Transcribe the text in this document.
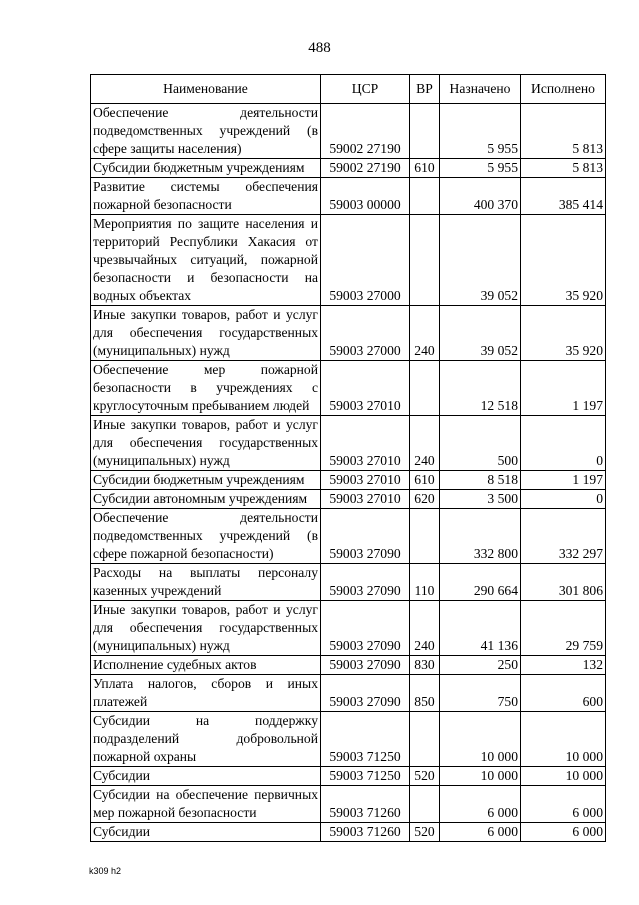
488
Наименование	ЦСР	ВР	Назначено	Исполнено
Обеспечение деятельности подведомственных учреждений (в сфере защиты населения)	59002 27190		5 955	5 813
Субсидии бюджетным учреждениям	59002 27190	610	5 955	5 813
Развитие системы обеспечения пожарной безопасности	59003 00000		400 370	385 414
Мероприятия по защите населения и территорий Республики Хакасия от чрезвычайных ситуаций, пожарной безопасности и безопасности на водных объектах	59003 27000		39 052	35 920
Иные закупки товаров, работ и услуг для обеспечения государственных (муниципальных) нужд	59003 27000	240	39 052	35 920
Обеспечение мер пожарной безопасности в учреждениях с круглосуточным пребыванием людей	59003 27010		12 518	1 197
Иные закупки товаров, работ и услуг для обеспечения государственных (муниципальных) нужд	59003 27010	240	500	0
Субсидии бюджетным учреждениям	59003 27010	610	8 518	1 197
Субсидии автономным учреждениям	59003 27010	620	3 500	0
Обеспечение деятельности подведомственных учреждений (в сфере пожарной безопасности)	59003 27090		332 800	332 297
Расходы на выплаты персоналу казенных учреждений	59003 27090	110	290 664	301 806
Иные закупки товаров, работ и услуг для обеспечения государственных (муниципальных) нужд	59003 27090	240	41 136	29 759
Исполнение судебных актов	59003 27090	830	250	132
Уплата налогов, сборов и иных платежей	59003 27090	850	750	600
Субсидии на поддержку подразделений добровольной пожарной охраны	59003 71250		10 000	10 000
Субсидии	59003 71250	520	10 000	10 000
Субсидии на обеспечение первичных мер пожарной безопасности	59003 71260		6 000	6 000
Субсидии	59003 71260	520	6 000	6 000
k309 h2
